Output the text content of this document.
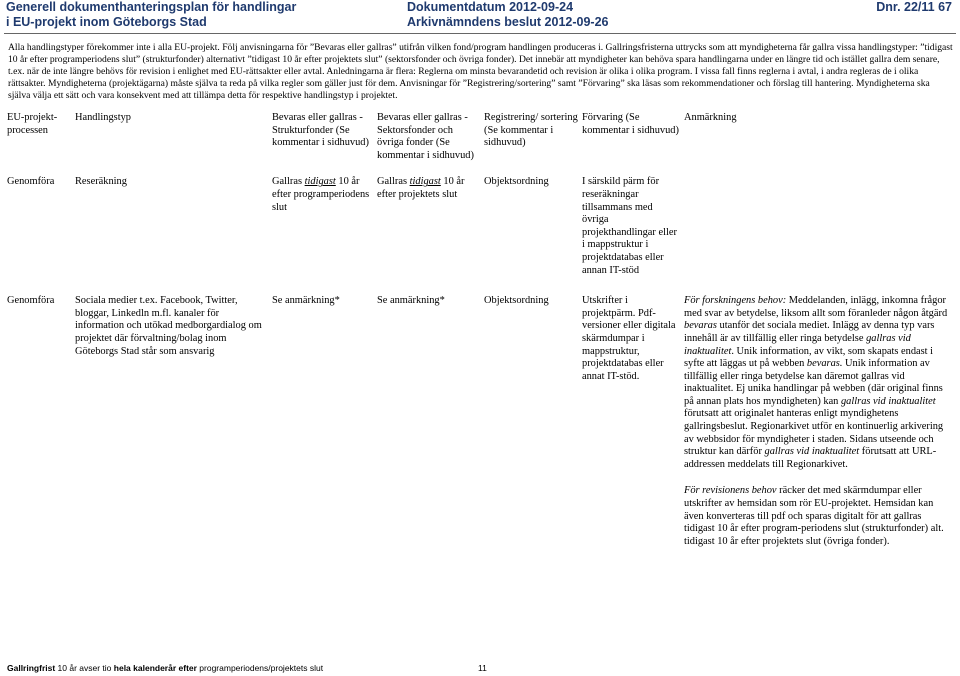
Generell dokumenthanteringsplan för handlingar
i EU-projekt inom Göteborgs Stad
Dokumentdatum 2012-09-24
Arkivnämndens beslut 2012-09-26
Dnr. 22/11 67
Alla handlingstyper förekommer inte i alla EU-projekt. Följ anvisningarna för ”Bevaras eller gallras” utifrån vilken fond/program handlingen produceras i. Gallringsfristerna uttrycks som att myndigheterna får gallra vissa handlingstyper: ”tidigast 10 år efter programperiodens slut” (strukturfonder) alternativt ”tidigast 10 år efter projektets slut” (sektorsfonder och övriga fonder). Det innebär att myndigheter kan behöva spara handlingarna under en längre tid och istället gallra dem senare, t.ex. när de inte längre behövs för revision i enlighet med EU-rättsakter eller avtal. Anledningarna är flera: Reglerna om minsta bevarandetid och revision är olika i olika program. I vissa fall finns reglerna i avtal, i andra regleras de i olika rättsakter. Myndigheterna (projektägarna) måste själva ta reda på vilka regler som gäller just för dem. Anvisningar för ”Registrering/sortering” samt ”Förvaring” ska läsas som rekommendationer och förslag till hantering. Myndigheterna ska själva välja ett sätt och vara konsekvent med att tillämpa detta för respektive handlingstyp i projektet.
EU-projekt-processen	Handlingstyp	Bevaras eller gallras - Strukturfonder (Se kommentar i sidhuvud)	Bevaras eller gallras - Sektorsfonder och övriga fonder (Se kommentar i sidhuvud)	Registrering/ sortering (Se kommentar i sidhuvud)	Förvaring (Se kommentar i sidhuvud)	Anmärkning
Genomföra	Reseräkning	Gallras tidigast 10 år efter programperiodens slut	Gallras tidigast 10 år efter projektets slut	Objektsordning	I särskild pärm för reseräkningar tillsammans med övriga projekthandlingar eller i mappstruktur i projektdatabas eller annan IT-stöd	
Genomföra	Sociala medier t.ex. Facebook, Twitter, bloggar, Linkedln m.fl. kanaler för information och utökad medborgardialog om projektet där förvaltning/bolag inom Göteborgs Stad står som ansvarig	Se anmärkning*	Se anmärkning*	Objektsordning	Utskrifter i projektpärm. Pdf-versioner eller digitala skärmdumpar i mappstruktur, projektdatabas eller annat IT-stöd.	För forskningens behov: Meddelanden, inlägg, inkomna frågor med svar av betydelse, liksom allt som föranleder någon åtgärd bevaras utanför det sociala mediet. Inlägg av denna typ vars innehåll är av tillfällig eller ringa betydelse gallras vid inaktualitet. Unik information, av vikt, som skapats endast i syfte att läggas ut på webben bevaras. Unik information av tillfällig eller ringa betydelse kan däremot gallras vid inaktualitet. Ej unika handlingar på webben (där original finns på annan plats hos myndigheten) kan gallras vid inaktualitet förutsatt att originalet hanteras enligt myndighetens gallringsbeslut. Regionarkivet utför en kontinuerlig arkivering av webbsidor för myndigheter i staden. Sidans utseende och struktur kan därför gallras vid inaktualitet förutsatt att URL-addressen meddelats till Regionarkivet.

För revisionens behov räcker det med skärmdumpar eller utskrifter av hemsidan som rör EU-projektet. Hemsidan kan även konverteras till pdf och sparas digitalt för att gallras tidigast 10 år efter program-periodens slut (strukturfonder) alt. tidigast 10 år efter projektets slut (övriga fonder).

Gallringfrist 10 år avser tio hela kalenderår efter programperiodens/projektets slut	11
